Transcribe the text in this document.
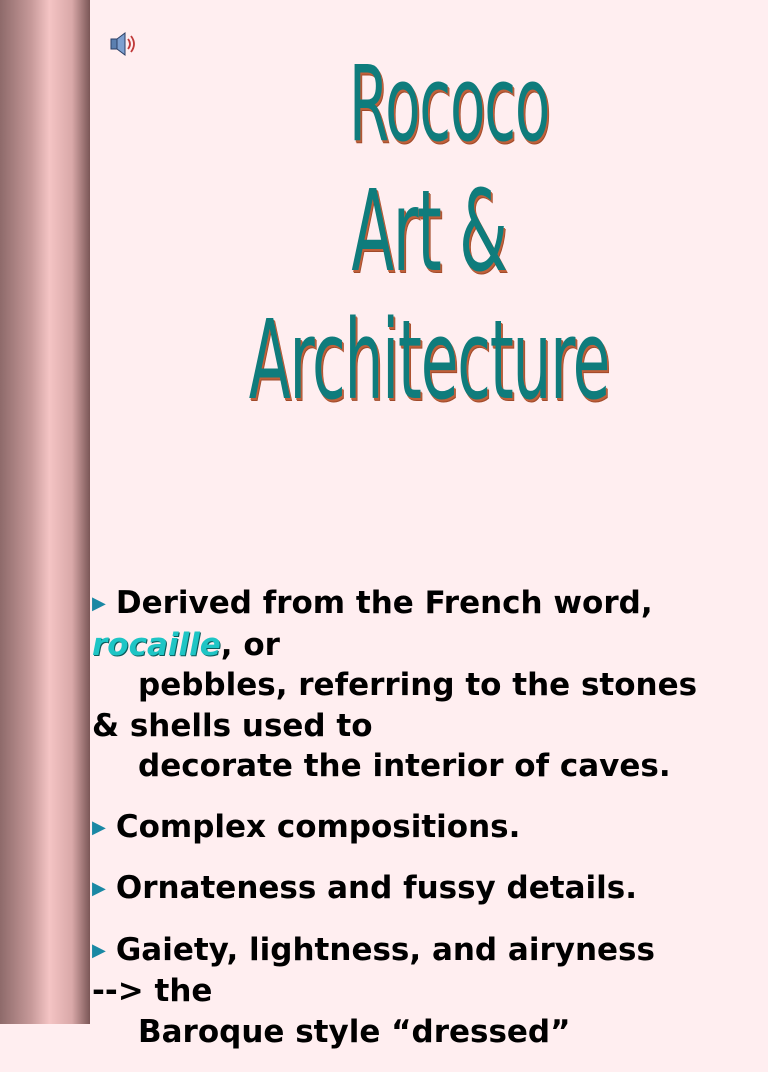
Rococo
Art &
Architecture
▶ Derived from the French word,
rocaille, or
pebbles, referring to the stones
& shells used to
decorate the interior of caves.
▶ Complex compositions.
▶ Ornateness and fussy details.
▶ Gaiety, lightness, and airyness
--> the
Baroque style “dressed”
